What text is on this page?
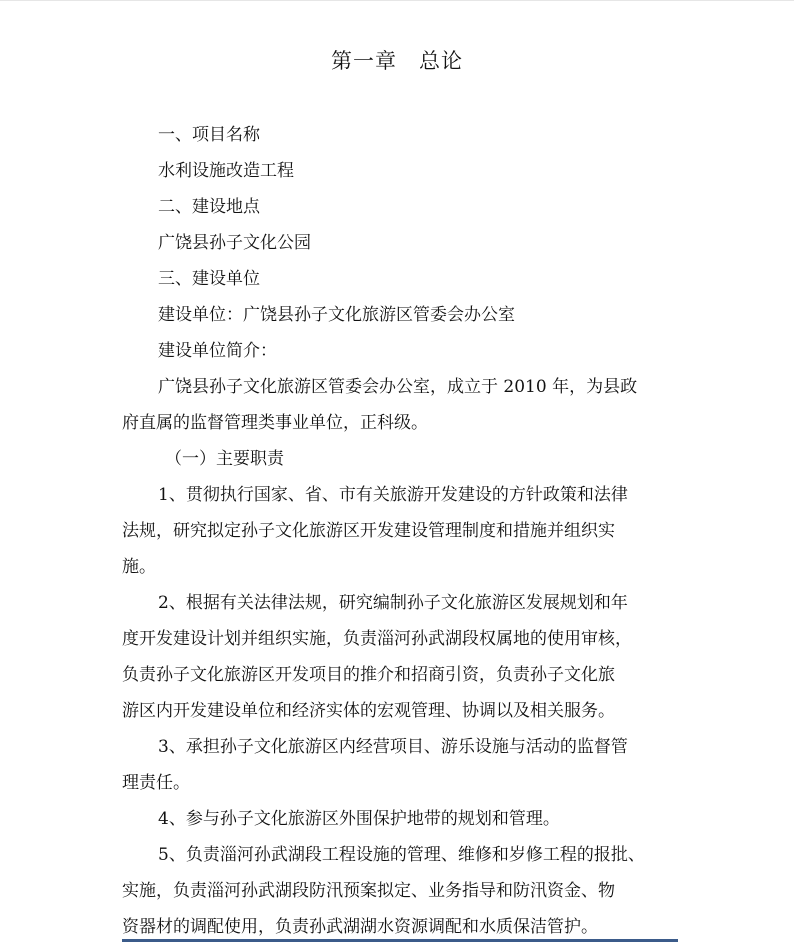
第一章　总论
一、项目名称
水利设施改造工程
二、建设地点
广饶县孙子文化公园
三、建设单位
建设单位：广饶县孙子文化旅游区管委会办公室
建设单位简介：
广饶县孙子文化旅游区管委会办公室，成立于 2010 年，为县政
府直属的监督管理类事业单位，正科级。
（一）主要职责
1、贯彻执行国家、省、市有关旅游开发建设的方针政策和法律
法规，研究拟定孙子文化旅游区开发建设管理制度和措施并组织实
施。
2、根据有关法律法规，研究编制孙子文化旅游区发展规划和年
度开发建设计划并组织实施，负责淄河孙武湖段权属地的使用审核，
负责孙子文化旅游区开发项目的推介和招商引资，负责孙子文化旅
游区内开发建设单位和经济实体的宏观管理、协调以及相关服务。
3、承担孙子文化旅游区内经营项目、游乐设施与活动的监督管
理责任。
4、参与孙子文化旅游区外围保护地带的规划和管理。
5、负责淄河孙武湖段工程设施的管理、维修和岁修工程的报批、
实施，负责淄河孙武湖段防汛预案拟定、业务指导和防汛资金、物
资器材的调配使用，负责孙武湖湖水资源调配和水质保洁管护。
